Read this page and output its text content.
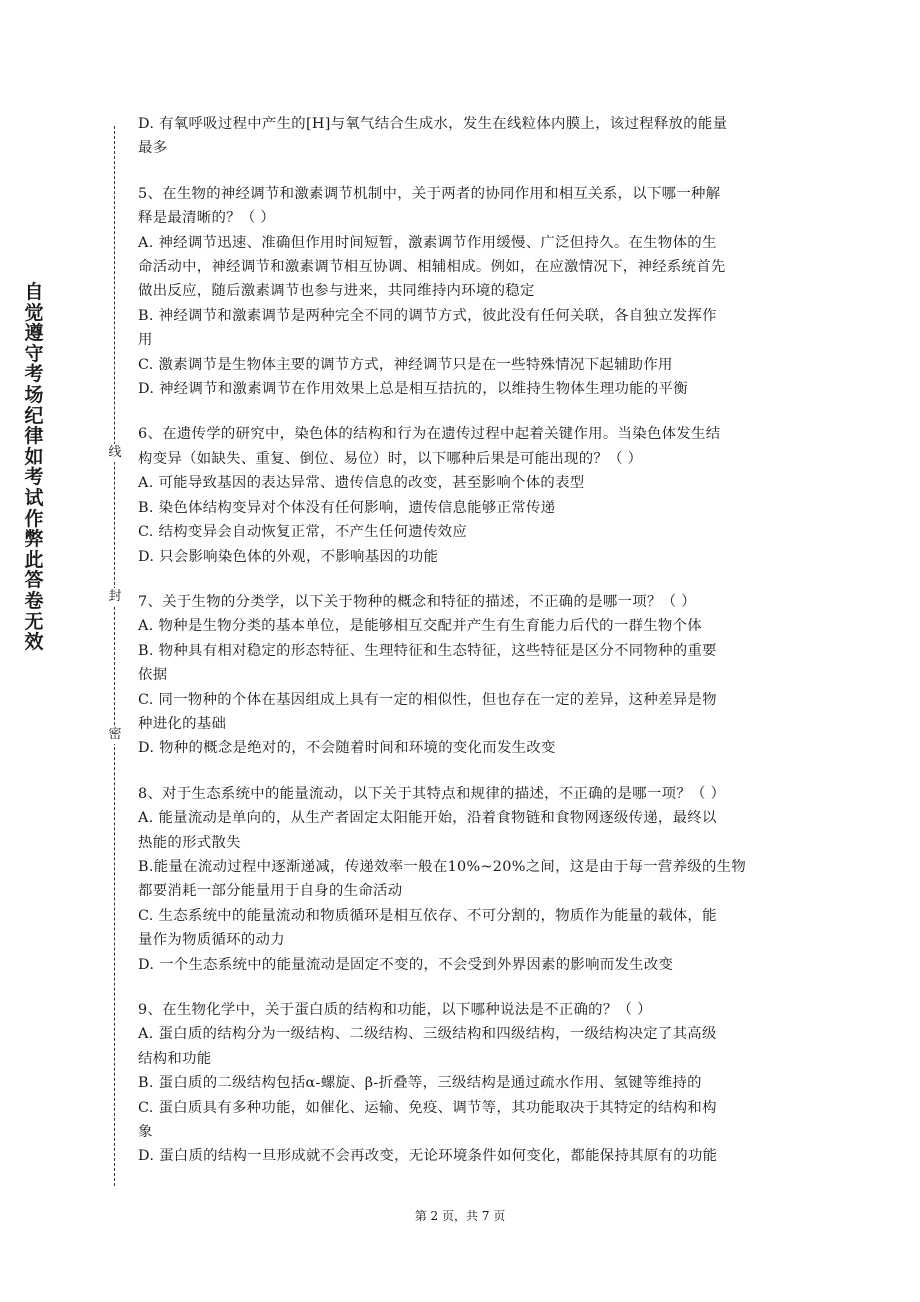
线
封
密
自觉遵守考场纪律如考试作弊此答卷无效
D. 有氧呼吸过程中产生的[H]与氧气结合生成水，发生在线粒体内膜上，该过程释放的能量
最多
5、在生物的神经调节和激素调节机制中，关于两者的协同作用和相互关系，以下哪一种解
释是最清晰的？（ ）
A. 神经调节迅速、准确但作用时间短暂，激素调节作用缓慢、广泛但持久。在生物体的生
命活动中，神经调节和激素调节相互协调、相辅相成。例如，在应激情况下，神经系统首先
做出反应，随后激素调节也参与进来，共同维持内环境的稳定
B. 神经调节和激素调节是两种完全不同的调节方式，彼此没有任何关联，各自独立发挥作
用
C. 激素调节是生物体主要的调节方式，神经调节只是在一些特殊情况下起辅助作用
D. 神经调节和激素调节在作用效果上总是相互拮抗的，以维持生物体生理功能的平衡
6、在遗传学的研究中，染色体的结构和行为在遗传过程中起着关键作用。当染色体发生结
构变异（如缺失、重复、倒位、易位）时，以下哪种后果是可能出现的？（ ）
A. 可能导致基因的表达异常、遗传信息的改变，甚至影响个体的表型
B. 染色体结构变异对个体没有任何影响，遗传信息能够正常传递
C. 结构变异会自动恢复正常，不产生任何遗传效应
D. 只会影响染色体的外观，不影响基因的功能
7、关于生物的分类学，以下关于物种的概念和特征的描述，不正确的是哪一项？（ ）
A. 物种是生物分类的基本单位，是能够相互交配并产生有生育能力后代的一群生物个体
B. 物种具有相对稳定的形态特征、生理特征和生态特征，这些特征是区分不同物种的重要
依据
C. 同一物种的个体在基因组成上具有一定的相似性，但也存在一定的差异，这种差异是物
种进化的基础
D. 物种的概念是绝对的，不会随着时间和环境的变化而发生改变
8、对于生态系统中的能量流动，以下关于其特点和规律的描述，不正确的是哪一项？（ ）
A. 能量流动是单向的，从生产者固定太阳能开始，沿着食物链和食物网逐级传递，最终以
热能的形式散失
B.能量在流动过程中逐渐递减，传递效率一般在10%~20%之间，这是由于每一营养级的生物
都要消耗一部分能量用于自身的生命活动
C. 生态系统中的能量流动和物质循环是相互依存、不可分割的，物质作为能量的载体，能
量作为物质循环的动力
D. 一个生态系统中的能量流动是固定不变的，不会受到外界因素的影响而发生改变
9、在生物化学中，关于蛋白质的结构和功能，以下哪种说法是不正确的？（ ）
A. 蛋白质的结构分为一级结构、二级结构、三级结构和四级结构，一级结构决定了其高级
结构和功能
B. 蛋白质的二级结构包括α-螺旋、β-折叠等，三级结构是通过疏水作用、氢键等维持的
C. 蛋白质具有多种功能，如催化、运输、免疫、调节等，其功能取决于其特定的结构和构
象
D. 蛋白质的结构一旦形成就不会再改变，无论环境条件如何变化，都能保持其原有的功能
第 2 页，共 7 页
